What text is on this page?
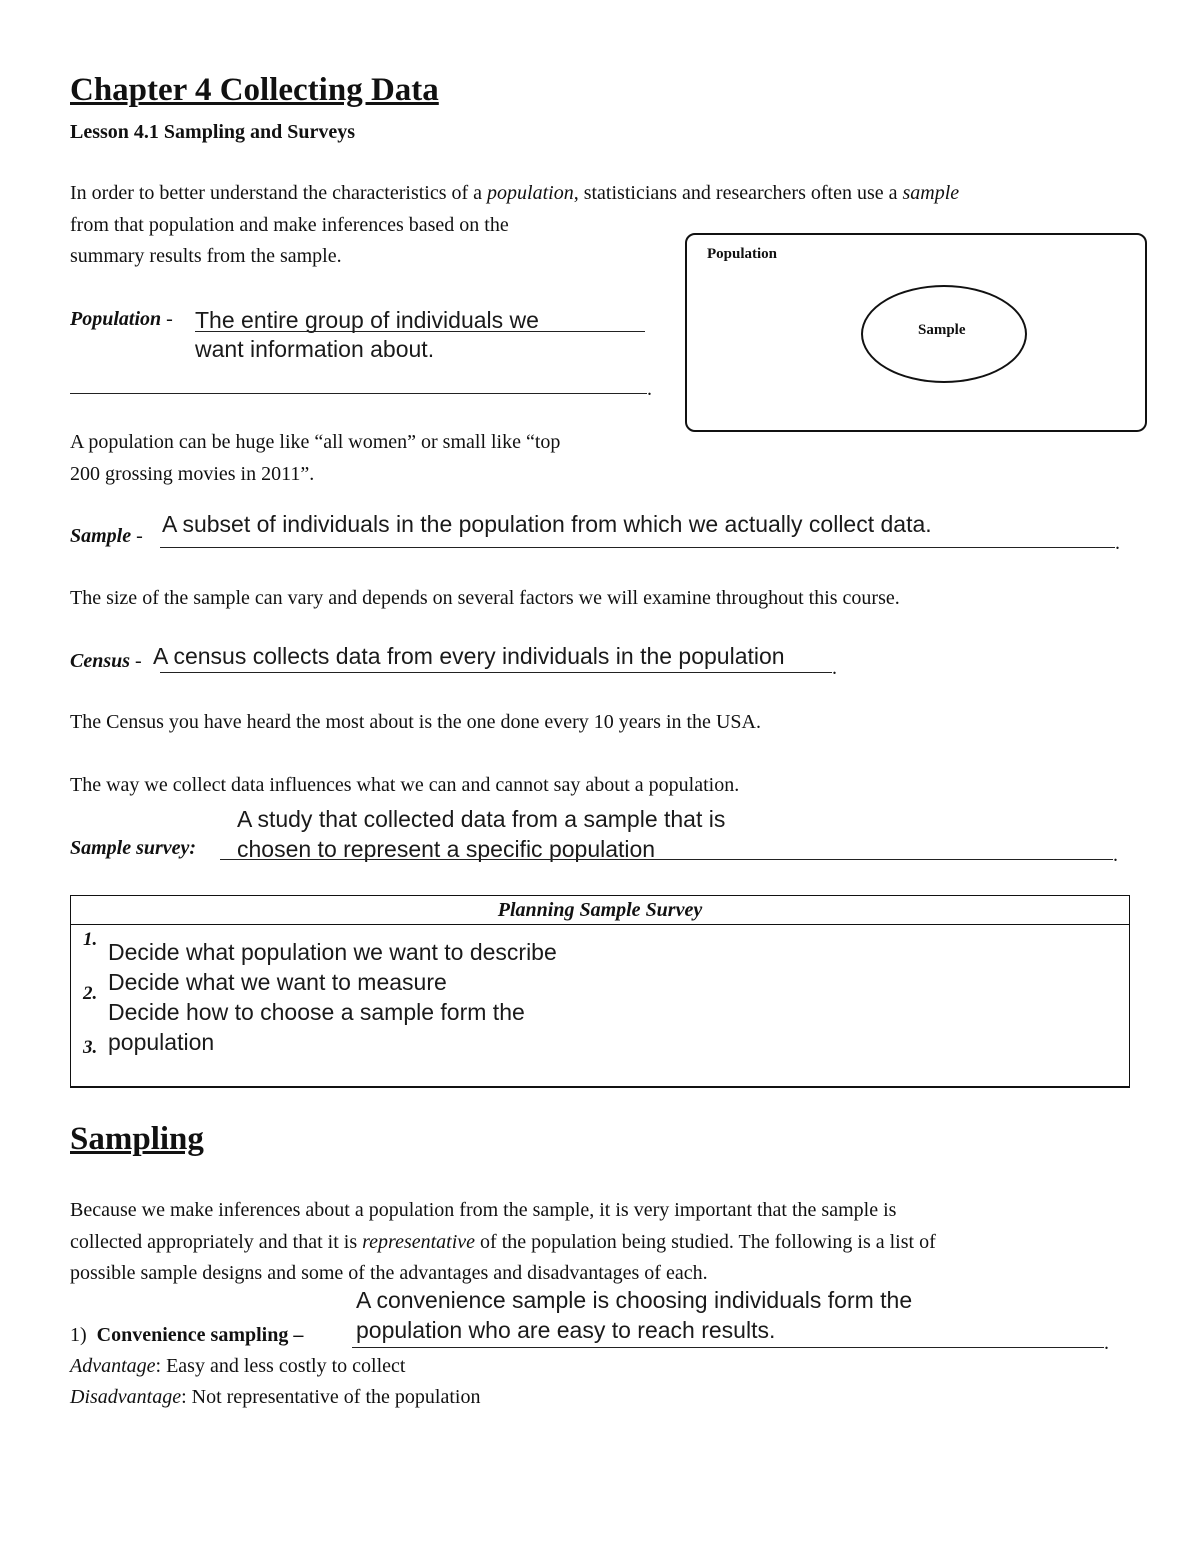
Chapter 4 Collecting Data
Lesson 4.1 Sampling and Surveys
In order to better understand the characteristics of a population, statisticians and researchers often use a sample
from that population and make inferences based on the
summary results from the sample.	Population
Sample
Population - The entire group of individuals we
want information about.
.
A population can be huge like “all women” or small like “top
200 grossing movies in 2011”.
Sample - A subset of individuals in the population from which we actually collect data.
.
The size of the sample can vary and depends on several factors we will examine throughout this course.
Census - A census collects data from every individuals in the population .
The Census you have heard the most about is the one done every 10 years in the USA.
The way we collect data influences what we can and cannot say about a population.
Sample survey:
A study that collected data from a sample that is
chosen to represent a specific population	.
Planning Sample Survey
1.
2.
3.
Decide what population we want to describe
Decide what we want to measure
Decide how to choose a sample form the
population
Sampling
Because we make inferences about a population from the sample, it is very important that the sample is
collected appropriately and that it is representative of the population being studied. The following is a list of
possible sample designs and some of the advantages and disadvantages of each.
1) Convenience sampling –
A convenience sample is choosing individuals form the
population who are easy to reach results.	.
Advantage: Easy and less costly to collect
Disadvantage: Not representative of the population
